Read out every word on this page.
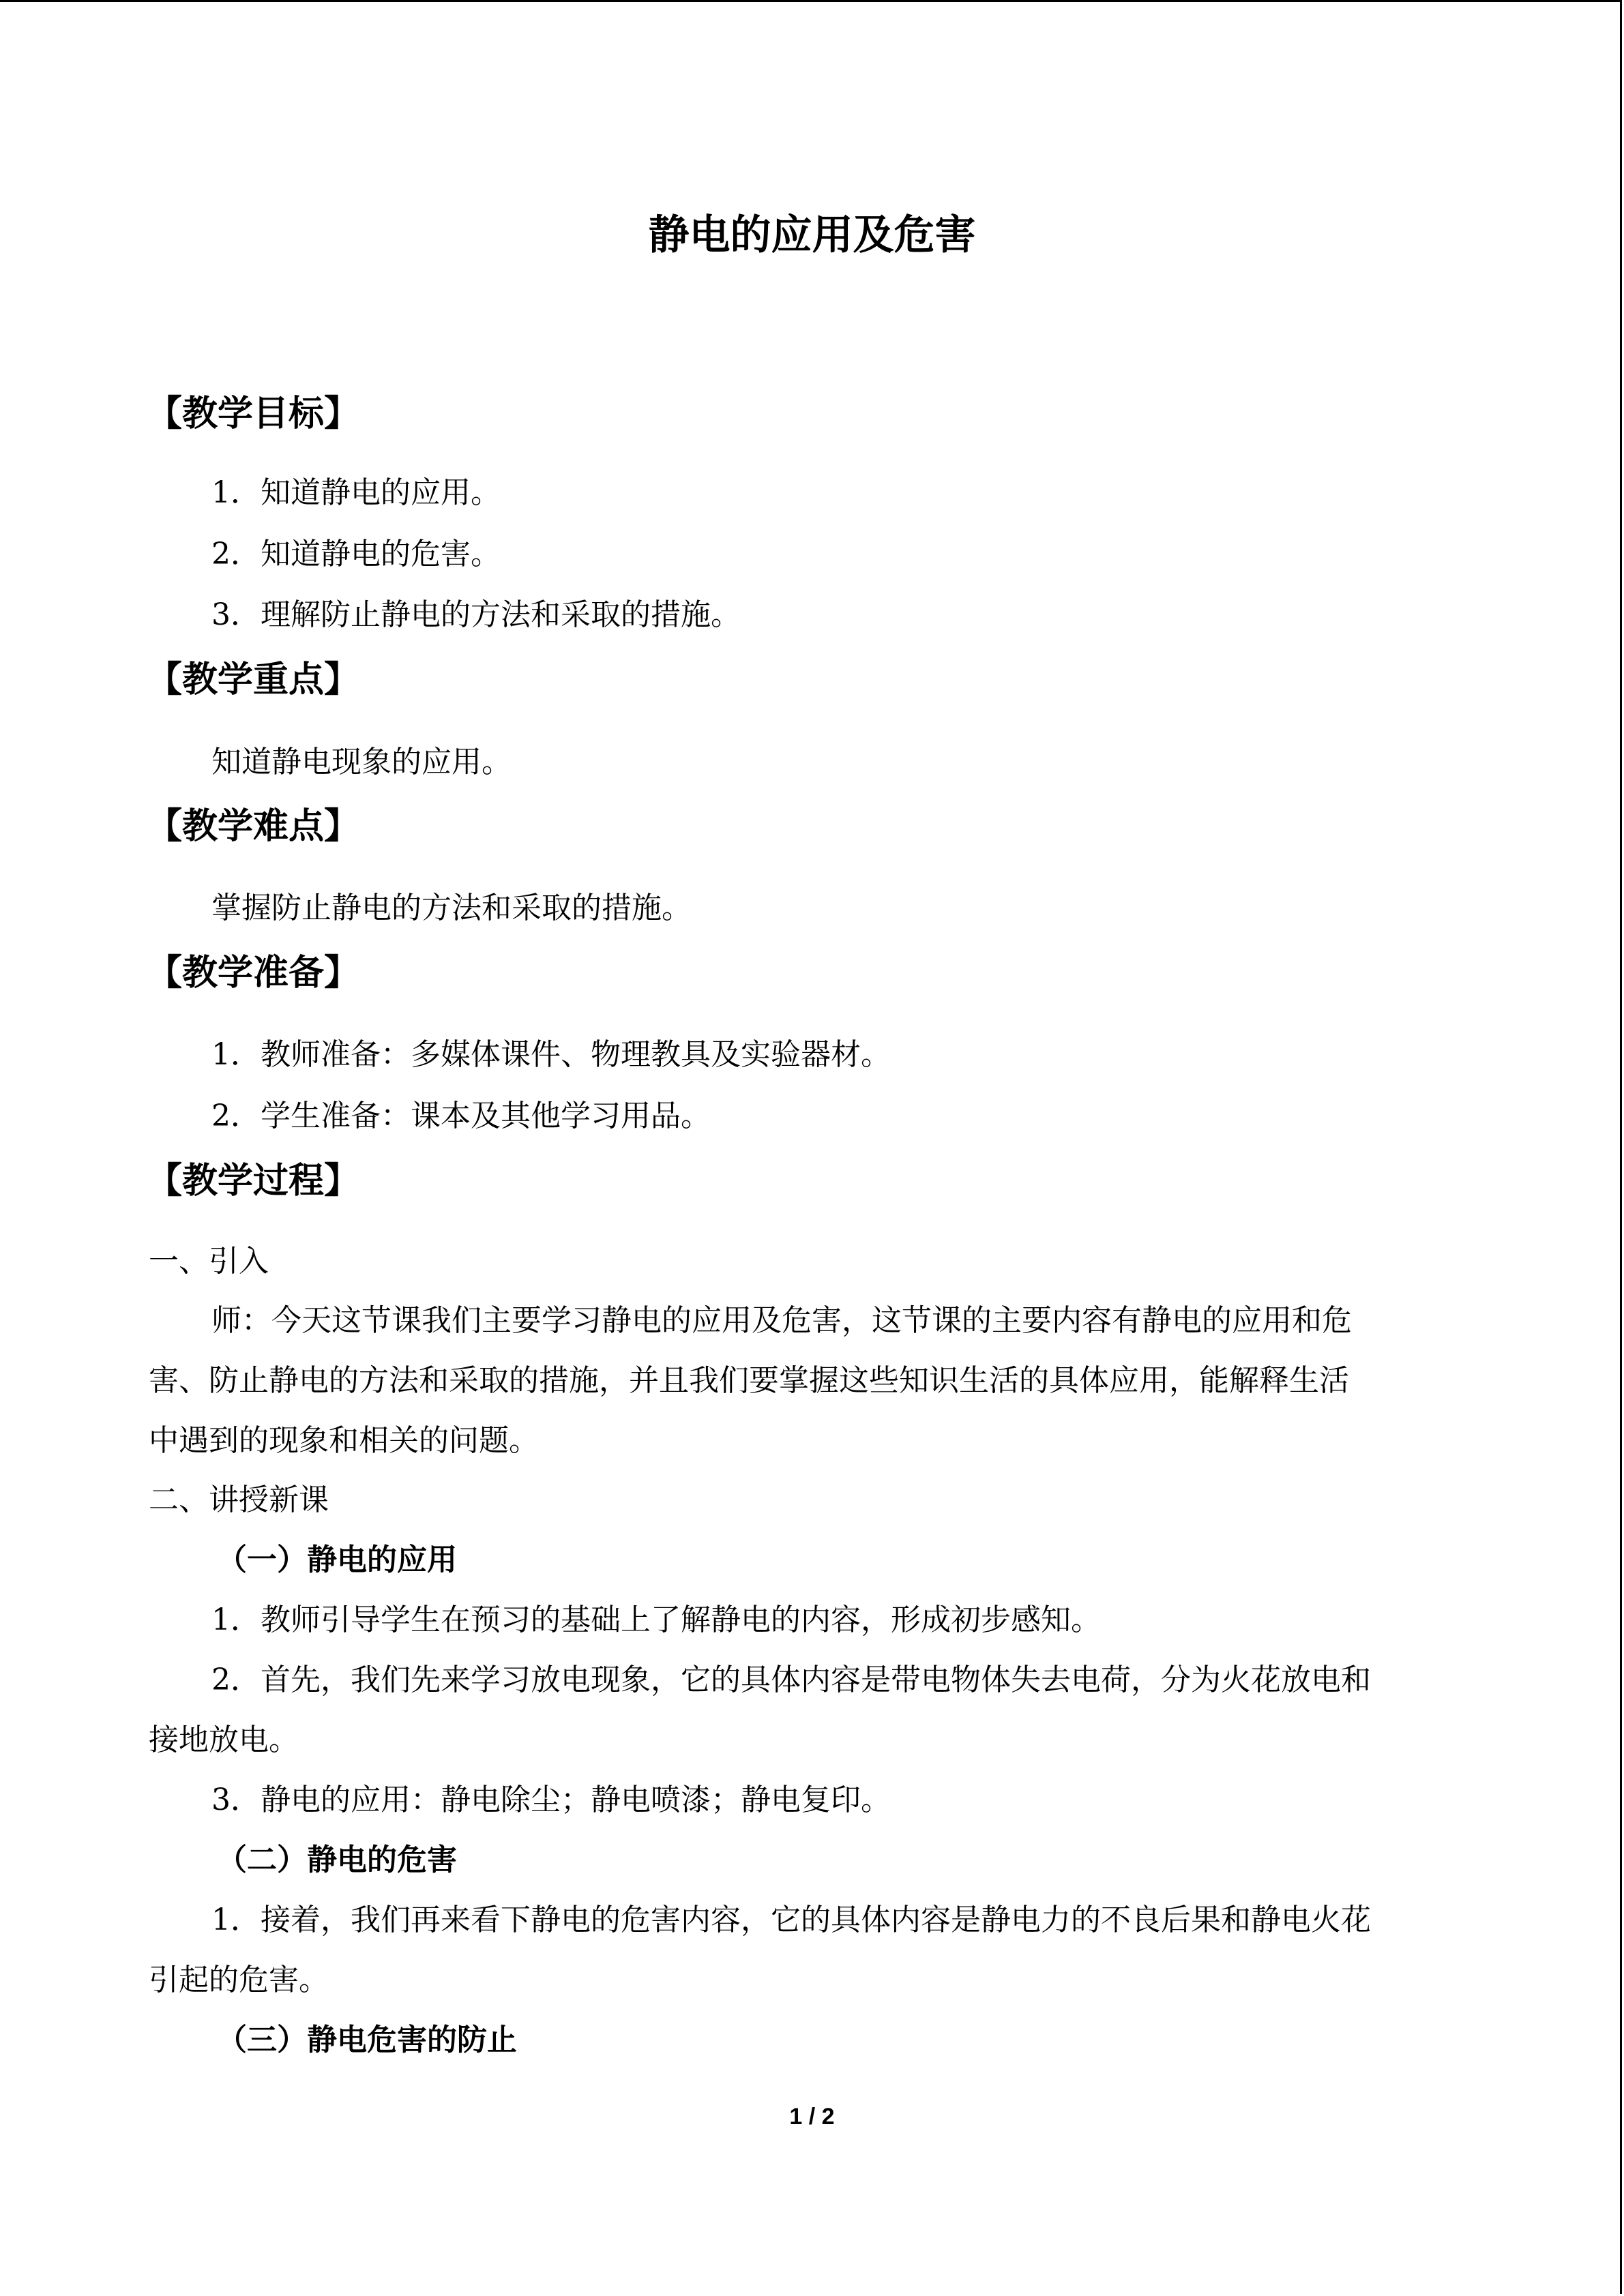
静电的应用及危害
【教学目标】
1．知道静电的应用。
2．知道静电的危害。
3．理解防止静电的方法和采取的措施。
【教学重点】
知道静电现象的应用。
【教学难点】
掌握防止静电的方法和采取的措施。
【教学准备】
1．教师准备：多媒体课件、物理教具及实验器材。
2．学生准备：课本及其他学习用品。
【教学过程】
一、引入
师：今天这节课我们主要学习静电的应用及危害，这节课的主要内容有静电的应用和危
害、防止静电的方法和采取的措施，并且我们要掌握这些知识生活的具体应用，能解释生活
中遇到的现象和相关的问题。
二、讲授新课
（一）静电的应用
1．教师引导学生在预习的基础上了解静电的内容，形成初步感知。
2．首先，我们先来学习放电现象，它的具体内容是带电物体失去电荷，分为火花放电和
接地放电。
3．静电的应用：静电除尘；静电喷漆；静电复印。
（二）静电的危害
1．接着，我们再来看下静电的危害内容，它的具体内容是静电力的不良后果和静电火花
引起的危害。
（三）静电危害的防止
1 / 2
